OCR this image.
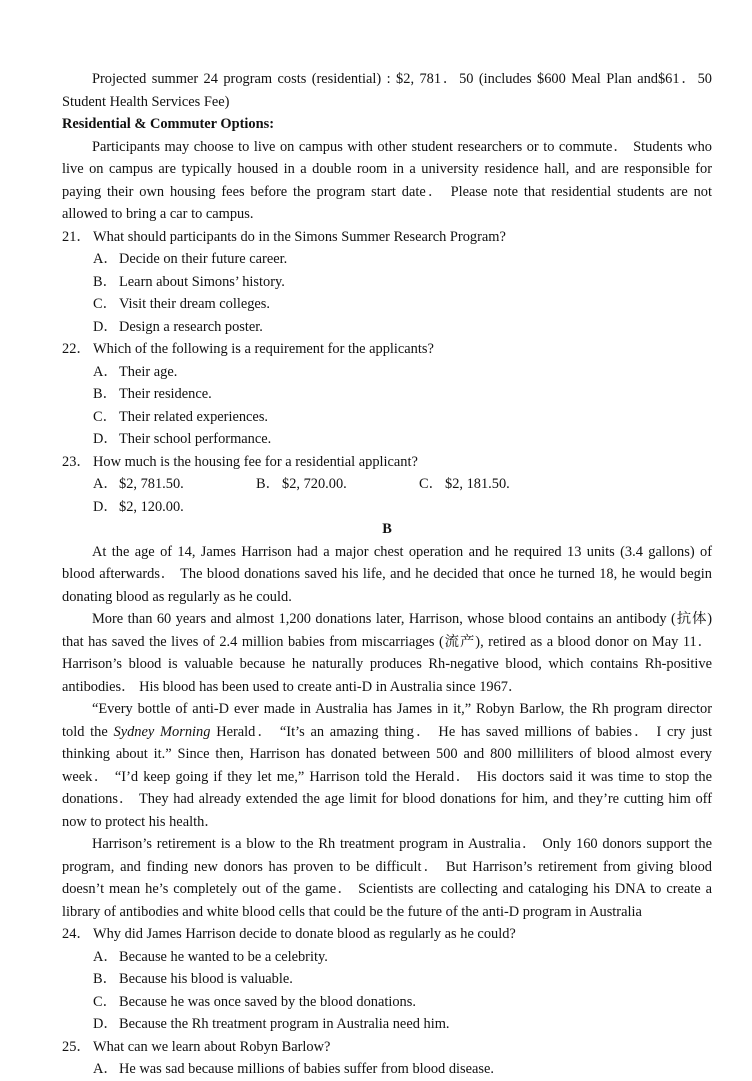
Projected summer 24 program costs (residential) : $2, 781．50 (includes $600 Meal Plan and$61．50 Student Health Services Fee)

Residential & Commuter Options:

Participants may choose to live on campus with other student researchers or to commute． Students who live on campus are typically housed in a double room in a university residence hall, and are responsible for paying their own housing fees before the program start date． Please note that residential students are not allowed to bring a car to campus.

21． What should participants do in the Simons Summer Research Program?

A．Decide on their future career.
B． Learn about Simons’ history.
C． Visit their dream colleges.
D．Design a research poster.

22． Which of the following is a requirement for the applicants?

A．Their age.
B． Their residence.
C． Their related experiences.
D．Their school performance.

23． How much is the housing fee for a residential applicant?

A．$2, 781.50.	B． $2, 720.00.	C． $2, 181.50.
D．$2, 120.00.

B

At the age of 14, James Harrison had a major chest operation and he required 13 units (3.4 gallons) of blood afterwards． The blood donations saved his life, and he decided that once he turned 18, he would begin donating blood as regularly as he could.

More than 60 years and almost 1,200 donations later, Harrison, whose blood contains an antibody (抗体) that has saved the lives of 2.4 million babies from miscarriages (流产), retired as a blood donor on May 11． Harrison’s blood is valuable because he naturally produces Rh-negative blood, which contains Rh-positive antibodies． His blood has been used to create anti-D in Australia since 1967．

“Every bottle of anti-D ever made in Australia has James in it,” Robyn Barlow, the Rh program director told the Sydney Morning Herald． “It’s an amazing thing． He has saved millions of babies． I cry just thinking about it.” Since then, Harrison has donated between 500 and 800 milliliters of blood almost every week． “I’d keep going if they let me,” Harrison told the Herald． His doctors said it was time to stop the donations． They had already extended the age limit for blood donations for him, and they’re cutting him off now to protect his health．

Harrison’s retirement is a blow to the Rh treatment program in Australia． Only 160 donors support the program, and finding new donors has proven to be difficult． But Harrison’s retirement from giving blood doesn’t mean he’s completely out of the game． Scientists are collecting and cataloging his DNA to create a library of antibodies and white blood cells that could be the future of the anti-D program in Australia

24． Why did James Harrison decide to donate blood as regularly as he could?

A．Because he wanted to be a celebrity.
B． Because his blood is valuable.
C． Because he was once saved by the blood donations.
D．Because the Rh treatment program in Australia need him.

25． What can we learn about Robyn Barlow?

A．He was sad because millions of babies suffer from blood disease.
